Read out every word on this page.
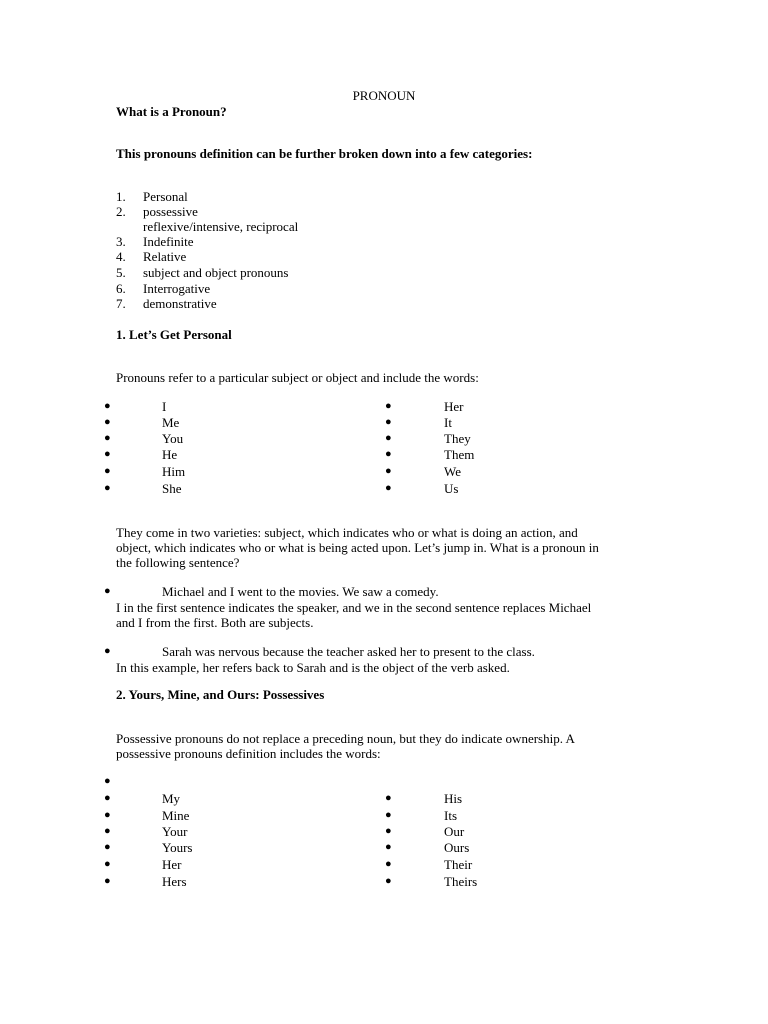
PRONOUN
What is a Pronoun?
This pronouns definition can be further broken down into a few categories:
1. Personal
2. possessive
reflexive/intensive, reciprocal
3. Indefinite
4. Relative
5. subject and object pronouns
6. Interrogative
7. demonstrative
1. Let’s Get Personal
Pronouns refer to a particular subject or object and include the words:
●	I	●	Her
●	Me	●	It
●	You	●	They
●	He	●	Them
●	Him	●	We
●	She	●	Us
They come in two varieties: subject, which indicates who or what is doing an action, and
object, which indicates who or what is being acted upon. Let’s jump in. What is a pronoun in
the following sentence?
●	Michael and I went to the movies. We saw a comedy.
I in the first sentence indicates the speaker, and we in the second sentence replaces Michael
and I from the first. Both are subjects.
●	Sarah was nervous because the teacher asked her to present to the class.
In this example, her refers back to Sarah and is the object of the verb asked.
2. Yours, Mine, and Ours: Possessives
Possessive pronouns do not replace a preceding noun, but they do indicate ownership. A
possessive pronouns definition includes the words:
●
●	My	●	His
●	Mine	●	Its
●	Your	●	Our
●	Yours	●	Ours
●	Her	●	Their
●	Hers	●	Theirs
